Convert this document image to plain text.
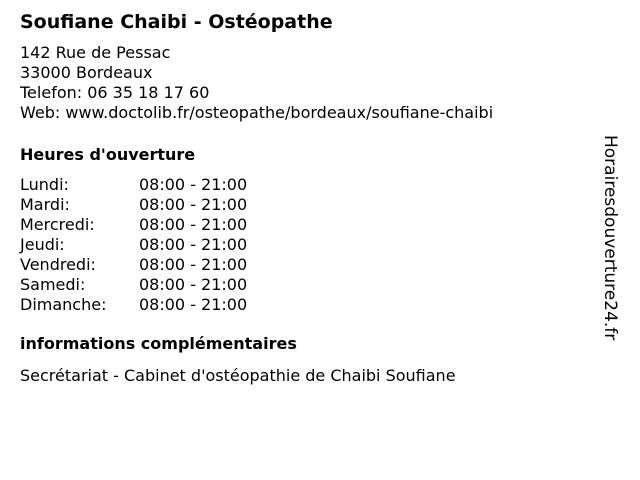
Soufiane Chaibi - Ostéopathe
142 Rue de Pessac
33000 Bordeaux
Telefon: 06 35 18 17 60
Web: www.doctolib.fr/osteopathe/bordeaux/soufiane-chaibi
Heures d'ouverture
Lundi:	08:00 - 21:00
Mardi:	08:00 - 21:00
Mercredi:	08:00 - 21:00
Jeudi:	08:00 - 21:00
Vendredi:	08:00 - 21:00
Samedi:	08:00 - 21:00
Dimanche:	08:00 - 21:00
informations complémentaires
Secrétariat - Cabinet d'ostéopathie de Chaibi Soufiane
Horairesdouverture24.fr
